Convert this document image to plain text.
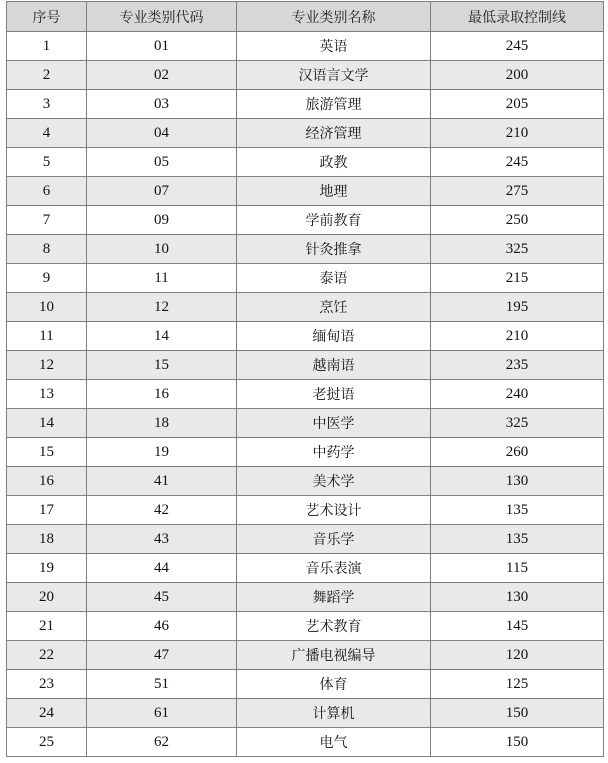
序号	专业类别代码	专业类别名称	最低录取控制线
1	01	英语	245
2	02	汉语言文学	200
3	03	旅游管理	205
4	04	经济管理	210
5	05	政教	245
6	07	地理	275
7	09	学前教育	250
8	10	针灸推拿	325
9	11	泰语	215
10	12	烹饪	195
11	14	缅甸语	210
12	15	越南语	235
13	16	老挝语	240
14	18	中医学	325
15	19	中药学	260
16	41	美术学	130
17	42	艺术设计	135
18	43	音乐学	135
19	44	音乐表演	115
20	45	舞蹈学	130
21	46	艺术教育	145
22	47	广播电视编导	120
23	51	体育	125
24	61	计算机	150
25	62	电气	150
